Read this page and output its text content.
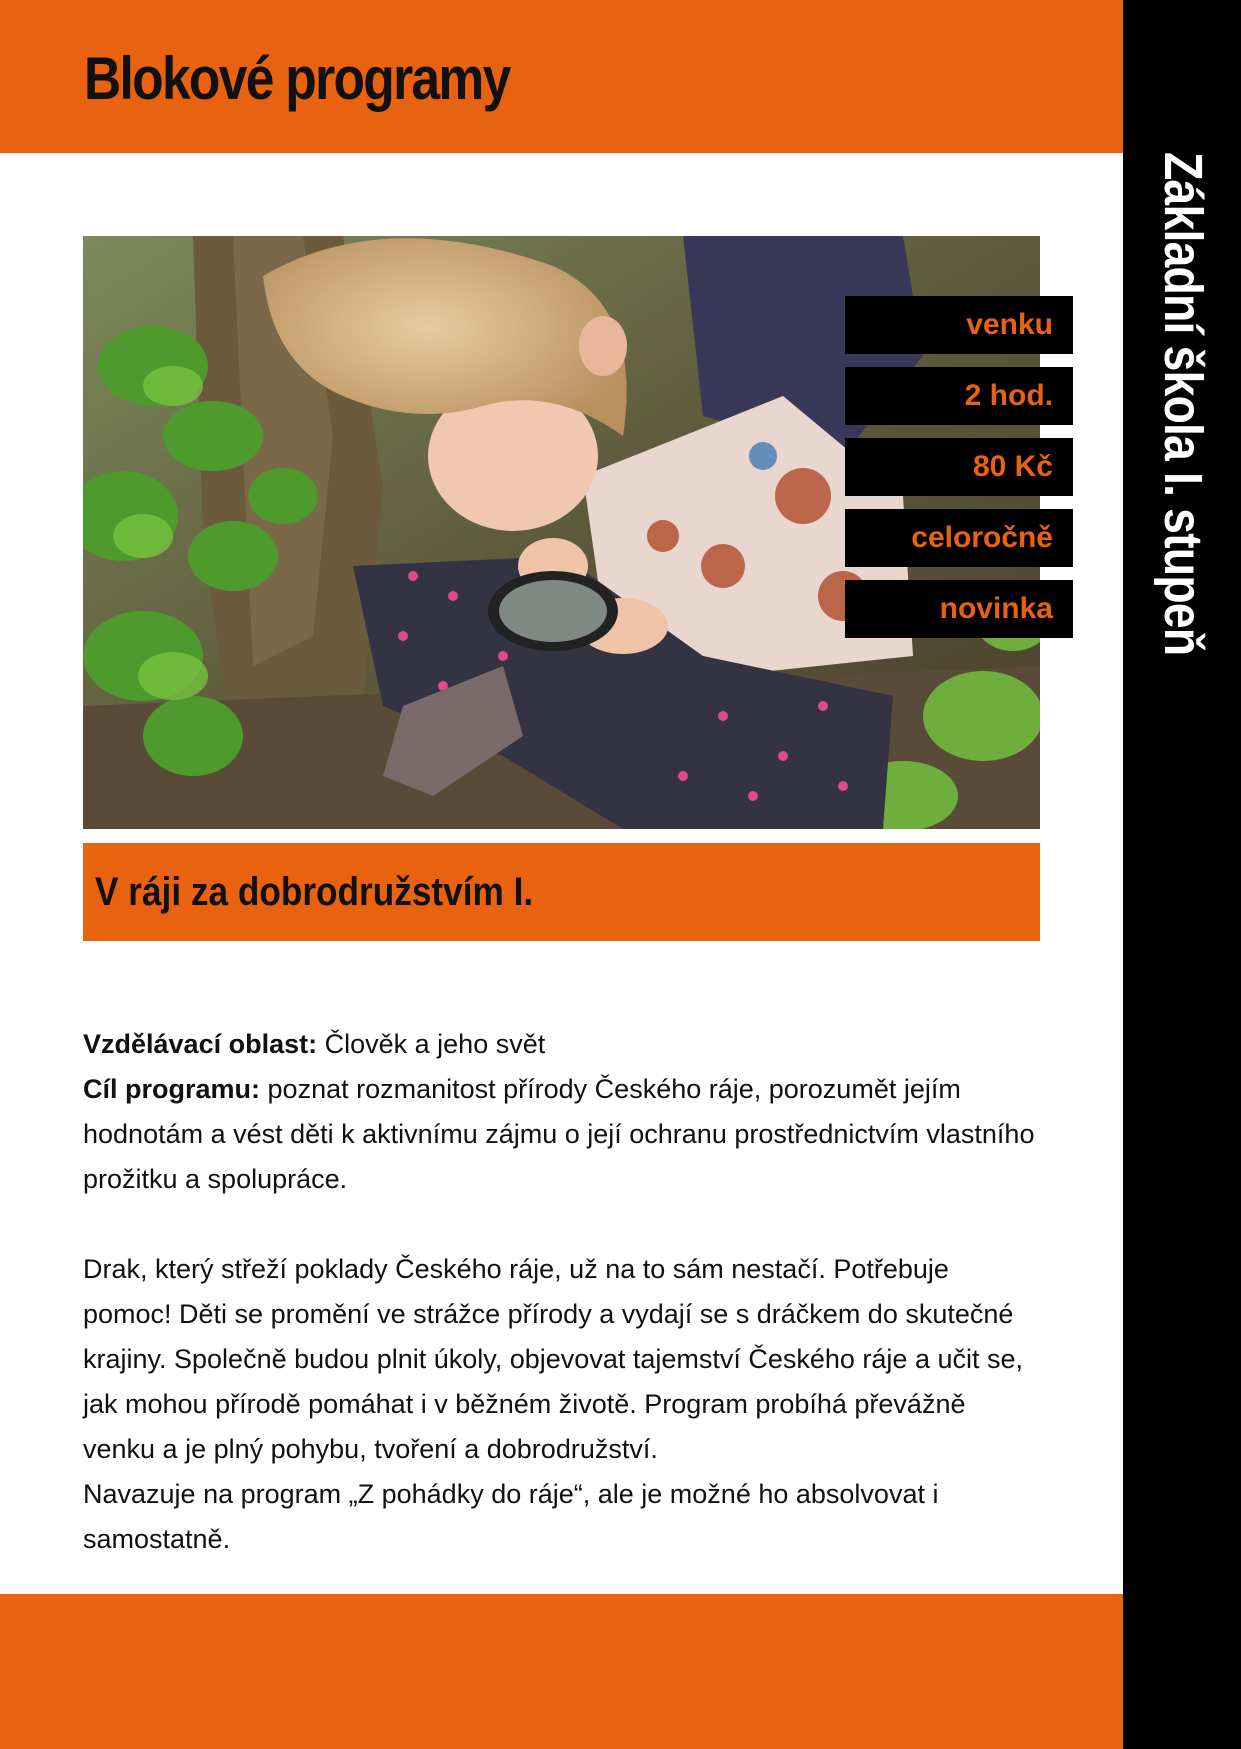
Blokové programy
Základní škola I. stupeň
venku
2 hod.
80 Kč
celoročně
novinka
V ráji za dobrodružstvím I.

Vzdělávací oblast: Člověk a jeho svět

Cíl programu: poznat rozmanitost přírody Českého ráje, porozumět jejím hodnotám a vést děti k aktivnímu zájmu o její ochranu prostřednictvím vlastního prožitku a spolupráce.

Drak, který střeží poklady Českého ráje, už na to sám nestačí. Potřebuje pomoc! Děti se promění ve strážce přírody a vydají se s dráčkem do skutečné krajiny. Společně budou plnit úkoly, objevovat tajemství Českého ráje a učit se, jak mohou přírodě pomáhat i v běžném životě. Program probíhá převážně venku a je plný pohybu, tvoření a dobrodružství.

Navazuje na program „Z pohádky do ráje“, ale je možné ho absolvovat i samostatně.
